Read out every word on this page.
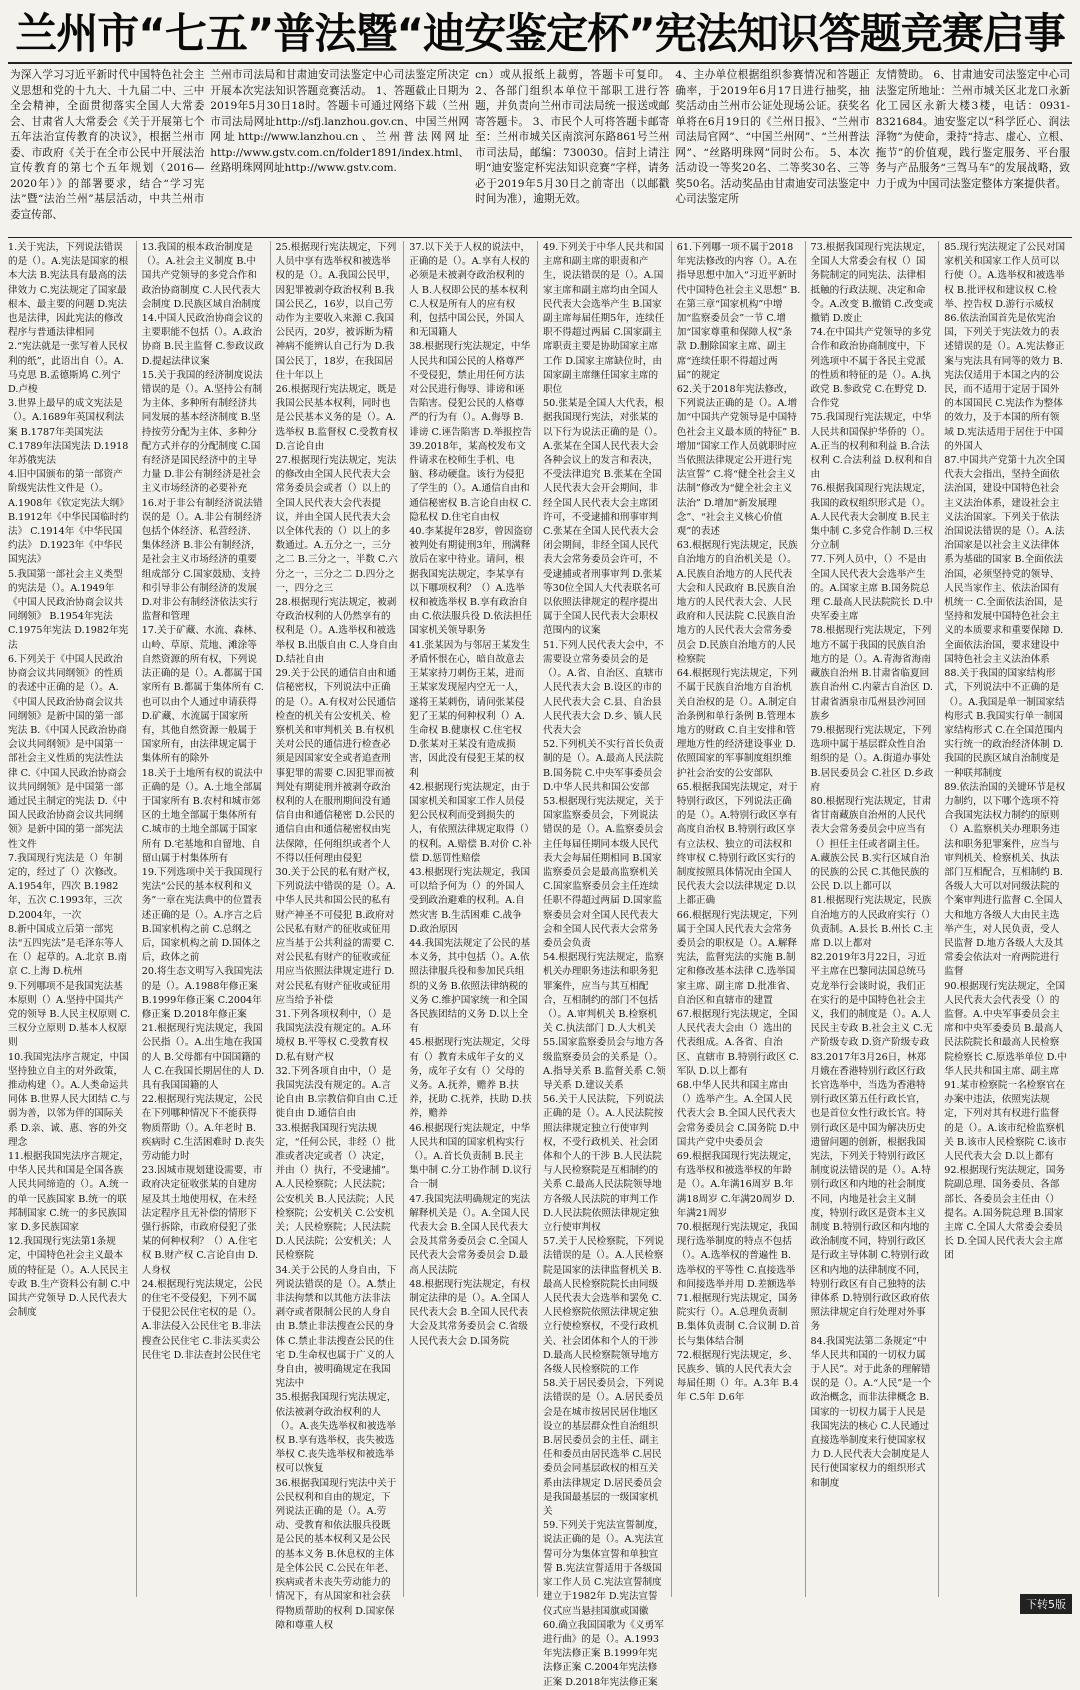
兰州市“七五”普法暨“迪安鉴定杯”宪法知识答题竞赛启事
为深入学习习近平新时代中国特色社会主义思想和党的十九大、十九届二中、三中全会精神，全面贯彻落实全国人大常委会、甘肃省人大常委会《关于开展第七个五年法治宣传教育的决议》，根据兰州市委、市政府《关于在全市公民中开展法治宣传教育的第七个五年规划（2016—2020年）》的部署要求，结合“学习宪法”暨“法治兰州”基层活动，中共兰州市委宣传部、
兰州市司法局和甘肃迪安司法鉴定中心司法鉴定所决定开展本次宪法知识答题竞赛活动。 1、答题截止日期为2019年5月30日18时。答题卡可通过网络下载（兰州市司法局网址http://sfj.lanzhou.gov.cn、中国兰州网网址http://www.lanzhou.cn、兰州普法网网址http://www.gstv.com.cn/folder1891/index.html、丝路明珠网网址http://www.gstv.com.
cn）或从报纸上裁剪，答题卡可复印。 2、各部门组织本单位干部职工进行答题，并负责向兰州市司法局统一报送或邮寄答题卡。 3、市民个人可将答题卡邮寄至：兰州市城关区南滨河东路861号兰州市司法局，邮编：730030。信封上请注明“迪安鉴定杯宪法知识竞赛”字样，请务必于2019年5月30日之前寄出（以邮戳时间为准），逾期无效。
4、主办单位根据组织参赛情况和答题正确率，于2019年6月17日进行抽奖，抽奖活动由兰州市公证处现场公证。获奖名单将在6月19日的《兰州日报》、“兰州市司法局官网”、“中国兰州网”、“兰州普法网”、“丝路明珠网”同时公布。 5、本次活动设一等奖20名、二等奖30名、三等奖50名。活动奖品由甘肃迪安司法鉴定中心司法鉴定所
友情赞助。 6、甘肃迪安司法鉴定中心司法鉴定所地址：兰州市城关区北龙口永新化工园区永新大楼3楼，电话：0931-8321684。迪安鉴定以“科学匠心、润法泽物”为使命，秉持“持志、虚心、立根、拖节”的价值观，践行鉴定服务、平台服务与产品服务“三驾马车”的发展战略，致力于成为中国司法鉴定整体方案提供者。

1.关于宪法，下列说法错误的是（）。A.宪法是国家的根本大法 B.宪法具有最高的法律效力 C.宪法规定了国家最根本、最主要的问题 D.宪法也是法律，因此宪法的修改程序与普通法律相同

2.“宪法就是一张写着人民权利的纸”，此语出自（）。A.马克思 B.孟德斯鸠 C.列宁 D.卢梭

3.世界上最早的成文宪法是（）。A.1689年英国权利法案 B.1787年美国宪法 C.1789年法国宪法 D.1918年苏俄宪法

4.旧中国颁布的第一部资产阶级宪法性文件是（）。A.1908年《钦定宪法大纲》 B.1912年《中华民国临时约法》 C.1914年《中华民国约法》 D.1923年《中华民国宪法》

5.我国第一部社会主义类型的宪法是（）。A.1949年《中国人民政治协商会议共同纲领》 B.1954年宪法 C.1975年宪法 D.1982年宪法

6.下列关于《中国人民政治协商会议共同纲领》的性质的表述中正确的是（）。A.《中国人民政治协商会议共同纲领》是新中国的第一部宪法 B.《中国人民政治协商会议共同纲领》是中国第一部社会主义性质的宪法性法律 C.《中国人民政治协商会议共同纲领》是中国第一部通过民主制定的宪法 D.《中国人民政治协商会议共同纲领》是新中国的第一部宪法性文件

7.我国现行宪法是（）年制定的，经过了（）次修改。A.1954年，四次 B.1982年，五次 C.1993年，三次 D.2004年，一次

8.新中国成立后第一部宪法“五四宪法”是毛泽东等人在（）起草的。A.北京 B.南京 C.上海 D.杭州

9.下列哪项不是我国宪法基本原则（）A.坚持中国共产党的领导 B.人民主权原则 C.三权分立原则 D.基本人权原则

10.我国宪法序言规定，中国坚持独立自主的对外政策，推动构建（）。A.人类命运共同体 B.世界人民大团结 C.与弱为善，以邻为伴的国际关系 D.亲、诚、惠、容的外交理念

11.根据我国宪法序言规定，中华人民共和国是全国各族人民共同缔造的（）。A.统一的单一民族国家 B.统一的联邦制国家 C.统一的多民族国家 D.多民族国家

12.我国现行宪法第1条规定，中国特色社会主义最本质的特征是（）。A.人民民主专政 B.生产资料公有制 C.中国共产党领导 D.人民代表大会制度

13.我国的根本政治制度是（）。A.社会主义制度 B.中国共产党领导的多党合作和政治协商制度 C.人民代表大会制度 D.民族区域自治制度

14.中国人民政治协商会议的主要职能不包括（）。A.政治协商 B.民主监督 C.参政议政 D.提起法律议案

15.关于我国的经济制度说法错误的是（）。A.坚持公有制为主体、多种所有制经济共同发展的基本经济制度 B.坚持按劳分配为主体、多种分配方式并存的分配制度 C.国有经济是国民经济中的主导力量 D.非公有制经济是社会主义市场经济的必要补充

16.对于非公有制经济说法错误的是（）。A.非公有制经济包括个体经济、私营经济、集体经济 B.非公有制经济，是社会主义市场经济的重要组成部分 C.国家鼓励、支持和引导非公有制经济的发展 D.对非公有制经济依法实行监督和管理

17.关于矿藏、水流、森林、山岭、草原、荒地、滩涂等自然资源的所有权，下列说法正确的是（）。A.都属于国家所有 B.都属于集体所有 C.也可以由个人通过申请获得 D.矿藏、水流属于国家所有，其他自然资源一般属于国家所有，由法律规定属于集体所有的除外

18.关于土地所有权的说法中正确的是（）。A.土地全部属于国家所有 B.农村和城市郊区的土地全部属于集体所有 C.城市的土地全部属于国家所有 D.宅基地和自留地、自留山属于村集体所有

19.下列选项中关于我国现行宪法“公民的基本权利和义务”一章在宪法典中的位置表述正确的是（）。A.序言之后 B.国家机构之前 C.总纲之后，国家机构之前 D.国体之后，政体之前

20.将生态文明写入我国宪法的是（）。A.1988年修正案 B.1999年修正案 C.2004年修正案 D.2018年修正案

21.根据现行宪法规定，我国公民指（）。A.出生地在我国的人 B.父母都有中国国籍的人 C.在我国长期居住的人 D.具有我国国籍的人

22.根据现行宪法规定，公民在下列哪种情况下不能获得物质帮助（）。A.年老时 B.疾病时 C.生活困难时 D.丧失劳动能力时

23.因城市规划建设需要，市政府决定征收张某的自建房屋及其土地使用权，在未经法定程序且无补偿的情形下强行拆除，市政府侵犯了张某的何种权利？（）A.住宅权 B.财产权 C.言论自由 D.人身权

24.根据现行宪法规定，公民的住宅不受侵犯，下列不属于侵犯公民住宅权的是（）。A.非法侵入公民住宅 B.非法搜查公民住宅 C.非法买卖公民住宅 D.非法查封公民住宅

25.根据现行宪法规定，下列人员中享有选举权和被选举权的是（）。A.我国公民甲，因犯罪被剥夺政治权利 B.我国公民乙，16岁，以自己劳动作为主要收入来源 C.我国公民丙，20岁，被诉断为精神病不能辨认自己行为 D.我国公民丁，18岁，在我国居住十年以上

26.根据现行宪法规定，既是我国公民基本权利，同时也是公民基本义务的是（）。A.选举权 B.监督权 C.受教育权 D.言论自由

27.根据现行宪法规定，宪法的修改由全国人民代表大会常务委员会或者（）以上的全国人民代表大会代表提议，并由全国人民代表大会以全体代表的（）以上的多数通过。A.五分之一，三分之二 B.三分之一，半数 C.六分之一，三分之二 D.四分之一，四分之三

28.根据现行宪法规定，被剥夺政治权利的人仍然享有的权利是（）。A.选举权和被选举权 B.出版自由 C.人身自由 D.结社自由

29.关于公民的通信自由和通信秘密权，下列说法中正确的是（）。A.有权对公民通信检查的机关有公安机关、检察机关和审判机关 B.有权机关对公民的通信进行检查必须是因国家安全或者追查刑事犯罪的需要 C.因犯罪而被判处有期徒刑并被剥夺政治权利的人在服刑期间没有通信自由和通信秘密 D.公民的通信自由和通信秘密权由宪法保障，任何组织或者个人不得以任何理由侵犯

30.关于公民的私有财产权，下列说法中错误的是（）。A.中华人民共和国公民的私有财产神圣不可侵犯 B.政府对公民私有财产的征收或征用应当基于公共利益的需要 C.对公民私有财产的征收或征用应当依照法律规定进行 D.对公民私有财产征收或征用应当给予补偿

31.下列各项权利中，（）是我国宪法没有规定的。A.环境权 B.平等权 C.受教育权 D.私有财产权

32.下列各项自由中，（）是我国宪法没有规定的。A.言论自由 B.宗教信仰自由 C.迁徙自由 D.通信自由

33.根据我国现行宪法规定，“任何公民，非经（）批准或者决定或者（）决定，并由（）执行，不受逮捕”。A.人民检察院；人民法院；公安机关 B.人民法院；人民检察院；公安机关 C.公安机关；人民检察院；人民法院 D.人民法院；公安机关；人民检察院

34.关于公民的人身自由，下列说法错误的是（）。A.禁止非法拘禁和以其他方法非法剥夺或者限制公民的人身自由 B.禁止非法搜查公民的身体 C.禁止非法搜查公民的住宅 D.生命权也属于广义的人身自由，被明确规定在我国宪法中

35.根据我国现行宪法规定，依法被剥夺政治权利的人（）。A.丧失选举权和被选举权 B.享有选举权，丧失被选举权 C.丧失选举权和被选举权可以恢复

36.根据我国现行宪法中关于公民权利和自由的规定，下列说法正确的是（）。A.劳动、受教育和依法服兵役既是公民的基本权利又是公民的基本义务 B.休息权的主体是全体公民 C.公民在年老、疾病或者未丧失劳动能力的情况下，有从国家和社会获得物质帮助的权利 D.国家保障和尊重人权

37.以下关于人权的说法中，正确的是（）。A.享有人权的必须是未被剥夺政治权利的人 B.人权即公民的基本权利 C.人权是所有人的应有权利，包括中国公民，外国人和无国籍人

38.根据现行宪法规定，中华人民共和国公民的人格尊严不受侵犯，禁止用任何方法对公民进行侮辱、诽谤和诬告陷害。侵犯公民的人格尊严的行为有（）。A.侮辱 B.诽谤 C.诬告陷害 D.举报控告

39.2018年，某高校发布文件请求在校师生手机、电脑、移动硬盘。该行为侵犯了学生的（）。A.通信自由和通信秘密权 B.言论自由权 C.隐私权 D.住宅自由权

40.李某捉年28岁，曾因盗窃被判处有期徒刑3年，刑满释放后在家中待业。请问，根据我国宪法规定，李某享有以下哪项权利？（）A.选举权和被选举权 B.享有政治自由 C.依法服兵役 D.依法担任国家机关领导职务

41.张某因为与邻居王某发生矛盾怀恨在心，暗自故意去王某家持刀刺伤王某，进而王某家发现屋内空无一人，遂将王某刺伤，请问张某侵犯了王某的何种权利（）A.生命权 B.健康权 C.住宅权 D.张某对王某没有造成损害，因此没有侵犯王某的权利

42.根据现行宪法规定，由于国家机关和国家工作人员侵犯公民权利而受到损失的人，有依照法律规定取得（）的权利。A.赔偿 B.对价 C.补偿 D.惩罚性赔偿

43.根据现行宪法规定，我国可以给予何为（）的外国人受到政治避难的权利。A.自然灾害 B.生活困难 C.战争 D.政治原因

44.我国宪法规定了公民的基本义务，其中包括（）。A.依照法律服兵役和参加民兵组织的义务 B.依照法律纳税的义务 C.维护国家统一和全国各民族团结的义务 D.以上全有

45.根据现行宪法规定，父母有（）教育未成年子女的义务，成年子女有（）父母的义务。A.抚养，赡养 B.扶养，抚助 C.抚养，扶助 D.扶养，赡养

46.根据现行宪法规定，中华人民共和国的国家机构实行（）。A.首长负责制 B.民主集中制 C.分工协作制 D.议行合一制

47.我国宪法明确规定的宪法解释机关是（）。A.全国人民代表大会 B.全国人民代表大会及其常务委员会 C.全国人民代表大会常务委员会 D.最高人民法院

48.根据现行宪法规定，有权制定法律的是（）。A.全国人民代表大会 B.全国人民代表大会及其常务委员会 C.省级人民代表大会 D.国务院

49.下列关于中华人民共和国主席和副主席的职责和产生，说法错误的是（）。A.国家主席和副主席均由全国人民代表大会选举产生 B.国家副主席每届任期5年，连续任职不得超过两届 C.国家副主席职责主要是协助国家主席工作 D.国家主席缺位时，由国家副主席继任国家主席的职位

50.张某是全国人大代表，根据我国现行宪法，对张某的以下行为说法正确的是（）。A.张某在全国人民代表大会各种会议上的发言和表决，不受法律追究 B.张某在全国人民代表大会开会期间，非经全国人民代表大会主席团许可，不受逮捕和刑事审判 C.张某在全国人民代表大会闭会期间，非经全国人民代表大会常务委员会许可，不受逮捕或者刑事审判 D.张某等30位全国人大代表联名可以依照法律规定的程序提出属于全国人民代表大会职权范围内的议案

51.下列人民代表大会中，不需要设立常务委员会的是（）。A.省、自治区、直辖市人民代表大会 B.设区的市的人民代表大会 C.县、自治县人民代表大会 D.乡、镇人民代表大会

52.下列机关不实行首长负责制的是（）。A.最高人民法院 B.国务院 C.中央军事委员会 D.中华人民共和国公安部

53.根据现行宪法规定，关于国家监察委员会，下列说法错误的是（）。A.监察委员会主任每届任期同本级人民代表大会每届任期相同 B.国家监察委员会是最高监察机关 C.国家监察委员会主任连续任职不得超过两届 D.国家监察委员会对全国人民代表大会和全国人民代表大会常务委员会负责

54.根据现行宪法规定，监察机关办理职务违法和职务犯罪案件，应当与其互相配合，互相制约的部门不包括（）。A.审判机关 B.检察机关 C.执法部门 D.人大机关

55.国家监察委员会与地方各级监察委员会的关系是（）。A.指导关系 B.监督关系 C.领导关系 D.建议关系

56.关于人民法院，下列说法正确的是（）。A.人民法院按照法律规定独立行使审判权，不受行政机关、社会团体和个人的干涉 B.人民法院与人民检察院是互相制约的关系 C.最高人民法院领导地方各级人民法院的审判工作 D.人民法院依照法律规定独立行使审判权

57.关于人民检察院，下列说法错误的是（）。A.人民检察院是国家的法律监督机关 B.最高人民检察院院长由同级人民代表大会选举和罢免 C.人民检察院依照法律规定独立行使检察权，不受行政机关、社会团体和个人的干涉 D.最高人民检察院领导地方各级人民检察院的工作

58.关于居民委员会，下列说法错误的是（）。A.居民委员会是在城市按居民居住地区设立的基层群众性自治组织 B.居民委员会的主任、副主任和委员由居民选举 C.居民委员会同基层政权的相互关系由法律规定 D.居民委员会是我国最基层的一级国家机关

59.下列关于宪法宣誓制度，说法正确的是（）。A.宪法宣誓可分为集体宣誓和单独宣誓 B.宪法宣誓适用于各级国家工作人员 C.宪法宣誓制度建立于1982年 D.宪法宣誓仪式应当悬挂国旗或国徽

60.确立我国国歌为《义勇军进行曲》的是（）。A.1993年宪法修正案 B.1999年宪法修正案 C.2004年宪法修正案 D.2018年宪法修正案

61.下列哪一项不属于2018年宪法修改的内容（）。A.在指导思想中加入“习近平新时代中国特色社会主义思想” B.在第三章“国家机构”中增加“监察委员会”一节 C.增加“国家尊重和保障人权”条款 D.删除国家主席、副主席“连续任职不得超过两届”的规定

62.关于2018年宪法修改，下列说法正确的是（）。A.增加“中国共产党领导是中国特色社会主义最本质的特征” B.增加“国家工作人员就职时应当依照法律规定公开进行宪法宣誓” C.将“健全社会主义法制”修改为“健全社会主义法治” D.增加“新发展理念”、“社会主义核心价值观”的表述

63.根据现行宪法规定，民族自治地方的自治机关是（）。A.民族自治地方的人民代表大会和人民政府 B.民族自治地方的人民代表大会、人民政府和人民法院 C.民族自治地方的人民代表大会常务委员会 D.民族自治地方的人民检察院

64.根据现行宪法规定，下列不属于民族自治地方自治机关自治权的是（）。A.制定自治条例和单行条例 B.管理本地方的财政 C.自主安排和管理地方性的经济建设事业 D.依照国家的军事制度组织维护社会治安的公安部队

65.根据我国宪法规定，对于特别行政区，下列说法正确的是（）。A.特别行政区享有高度自治权 B.特别行政区享有立法权、独立的司法权和终审权 C.特别行政区实行的制度按照具体情况由全国人民代表大会以法律规定 D.以上都正确

66.根据现行宪法规定，下列属于全国人民代表大会常务委员会的职权是（）。A.解释宪法，监督宪法的实施 B.制定和修改基本法律 C.选举国家主席、副主席 D.批准省、自治区和直辖市的建置

67.根据现行宪法规定，全国人民代表大会由（）选出的代表组成。A.各省、自治区、直辖市 B.特别行政区 C.军队 D.以上都有

68.中华人民共和国主席由（）选举产生。A.全国人民代表大会 B.全国人民代表大会常务委员会 C.国务院 D.中国共产党中央委员会

69.根据我国现行宪法规定，有选举权和被选举权的年龄是（）。A.年满16周岁 B.年满18周岁 C.年满20周岁 D.年满21周岁

70.根据现行宪法规定，我国现行选举制度的特点不包括（）。A.选举权的普遍性 B.选举权的平等性 C.直接选举和间接选举并用 D.差额选举

71.根据现行宪法规定，国务院实行（）。A.总理负责制 B.集体负责制 C.合议制 D.首长与集体结合制

72.根据现行宪法规定，乡、民族乡、镇的人民代表大会每届任期（）年。A.3年 B.4年 C.5年 D.6年

73.根据我国现行宪法规定，全国人大常委会有权（）国务院制定的同宪法、法律相抵触的行政法规、决定和命令。A.改变 B.撤销 C.改变或撤销 D.废止

74.在中国共产党领导的多党合作和政治协商制度中，下列选项中不属于各民主党派的性质和特征的是（）。A.执政党 B.参政党 C.在野党 D.合作党

75.我国现行宪法规定，中华人民共和国保护华侨的（）。A.正当的权利和利益 B.合法权利 C.合法利益 D.权利和自由

76.根据我国现行宪法规定，我国的政权组织形式是（）。A.人民代表大会制度 B.民主集中制 C.多党合作制 D.三权分立制

77.下列人员中，（）不是由全国人民代表大会选举产生的。A.国家主席 B.国务院总理 C.最高人民法院院长 D.中央军委主席

78.根据现行宪法规定，下列地方不属于我国的民族自治地方的是（）。A.青海省海南藏族自治州 B.甘肃省临夏回族自治州 C.内蒙古自治区 D.甘肃省酒泉市瓜州县沙河回族乡

79.根据现行宪法规定，下列选项中属于基层群众性自治组织的是（）。A.街道办事处 B.居民委员会 C.社区 D.乡政府

80.根据现行宪法规定，甘肃省甘南藏族自治州的人民代表大会常务委员会中应当有（）担任主任或者副主任。A.藏族公民 B.实行区域自治的民族的公民 C.其他民族的公民 D.以上都可以

81.根据现行宪法规定，民族自治地方的人民政府实行（）负责制。A.县长 B.州长 C.主席 D.以上都对

82.2019年3月22日，习近平主席在巴黎同法国总统马克龙举行会谈时说，我们正在实行的是中国特色社会主义，我们的制度是（）。A.人民民主专政 B.社会主义 C.无产阶级专政 D.资产阶级专政

83.2017年3月26日，林郑月娥在香港特别行政区行政长官选举中，当选为香港特别行政区第五任行政长官，也是首位女性行政长官。特别行政区是中国为解决历史遗留问题的创新，根据我国宪法，下列关于特别行政区制度说法错误的是（）。A.特别行政区和内地的社会制度不同，内地是社会主义制度，特别行政区是资本主义制度 B.特别行政区和内地的政治制度不同，特别行政区是行政主导体制 C.特别行政区和内地的法律制度不同，特别行政区有自己独特的法律体系 D.特别行政区政府依照法律规定自行处理对外事务

84.我国宪法第二条规定“中华人民共和国的一切权力属于人民”。对于此条的理解错误的是（）。A.“人民”是一个政治概念，而非法律概念 B.国家的一切权力属于人民是我国宪法的核心 C.人民通过直接选举制度来行使国家权力 D.人民代表大会制度是人民行使国家权力的组织形式和制度

85.现行宪法规定了公民对国家机关和国家工作人员可以行使（）。A.选举权和被选举权 B.批评权和建议权 C.检举、控告权 D.游行示威权

86.依法治国首先是依宪治国，下列关于宪法效力的表述错误的是（）。A.宪法修正案与宪法具有同等的效力 B.宪法仅适用于本国之内的公民，而不适用于定居于国外的本国国民 C.宪法作为整体的效力，及于本国的所有领域 D.宪法适用于居住于中国的外国人

87.中国共产党第十九次全国代表大会指出，坚持全面依法治国，建设中国特色社会主义法治体系，建设社会主义法治国家。下列关于依法治国说法错误的是（）。A.法治国家是以社会主义法律体系为基础的国家 B.全面依法治国，必须坚持党的领导、人民当家作主、依法治国有机统一 C.全面依法治国，是坚持和发展中国特色社会主义的本质要求和重要保障 D.全面依法治国，要求建设中国特色社会主义法治体系

88.关于我国的国家结构形式，下列说法中不正确的是（）。A.我国是单一制国家结构形式 B.我国实行单一制国家结构形式 C.在全国范围内实行统一的政治经济体制 D.我国的民族区域自治制度是一种联邦制度

89.依法治国的关键环节是权力制约，以下哪个选项不符合我国宪法权力制约的原则（）A.监察机关办理职务违法和职务犯罪案件，应当与审判机关、检察机关、执法部门互相配合，互相制约 B.各级人大可以对同级法院的个案审判进行监督 C.全国人大和地方各级人大由民主选举产生，对人民负责，受人民监督 D.地方各级人大及其常委会依法对一府两院进行监督

90.根据现行宪法规定，全国人民代表大会代表受（）的监督。A.中央军事委员会主席和中央军委委员 B.最高人民法院院长和最高人民检察院检察长 C.原选举单位 D.中华人民共和国主席、副主席

91.某市检察院一名检察官在办案中违法，依照宪法规定，下列对其有权进行监督的是（）。A.该市纪检监察机关 B.该市人民检察院 C.该市人民代表大会 D.以上都有

92.根据现行宪法规定，国务院副总理、国务委员、各部部长、各委员会主任由（）提名。A.国务院总理 B.国家主席 C.全国人大常委会委员长 D.全国人民代表大会主席团

下转5版
